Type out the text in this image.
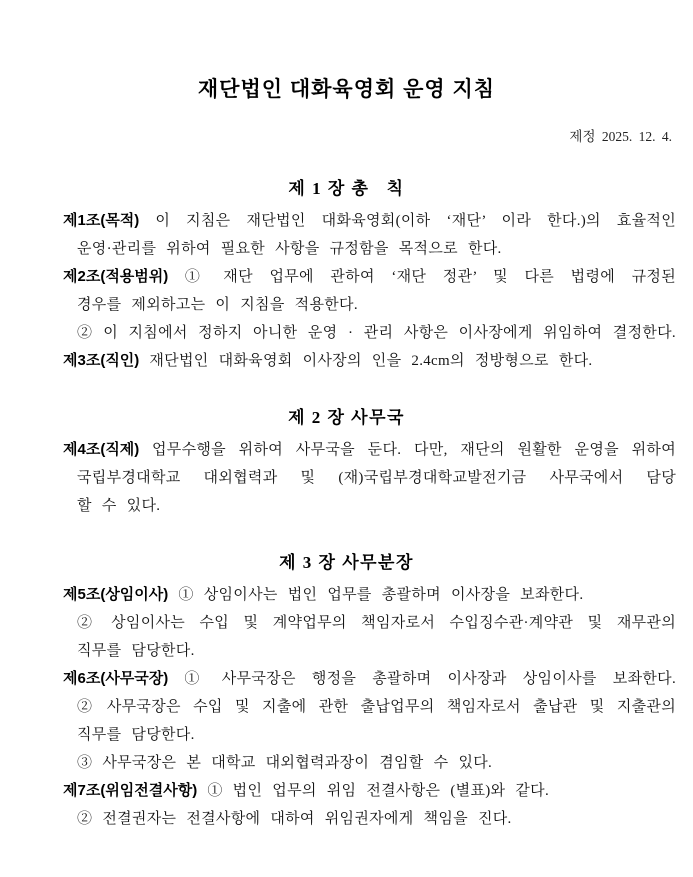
재단법인 대화육영회 운영 지침
제정 2025. 12. 4.
제 1 장 총   칙
제1조(목적) 이 지침은 재단법인 대화육영회(이하 ‘재단’ 이라 한다.)의 효율적인
운영·관리를 위하여 필요한 사항을 규정함을 목적으로 한다.
제2조(적용범위) ① 재단 업무에 관하여 ‘재단 정관’ 및 다른 법령에 규정된
경우를 제외하고는 이 지침을 적용한다.
② 이 지침에서 정하지 아니한 운영 · 관리 사항은 이사장에게 위임하여 결정한다.
제3조(직인) 재단법인 대화육영회 이사장의 인을 2.4cm의 정방형으로 한다.
제 2 장 사무국
제4조(직제) 업무수행을 위하여 사무국을 둔다. 다만, 재단의 원활한 운영을 위하여
국립부경대학교 대외협력과 및 (재)국립부경대학교발전기금 사무국에서 담당
할 수 있다.
제 3 장 사무분장
제5조(상임이사) ① 상임이사는 법인 업무를 총괄하며 이사장을 보좌한다.
② 상임이사는 수입 및 계약업무의 책임자로서 수입징수관·계약관 및 재무관의
직무를 담당한다.
제6조(사무국장) ① 사무국장은 행정을 총괄하며 이사장과 상임이사를 보좌한다.
② 사무국장은 수입 및 지출에 관한 출납업무의 책임자로서 출납관 및 지출관의
직무를 담당한다.
③ 사무국장은 본 대학교 대외협력과장이 겸임할 수 있다.
제7조(위임전결사항) ① 법인 업무의 위임 전결사항은 (별표)와 같다.
② 전결권자는 전결사항에 대하여 위임권자에게 책임을 진다.
